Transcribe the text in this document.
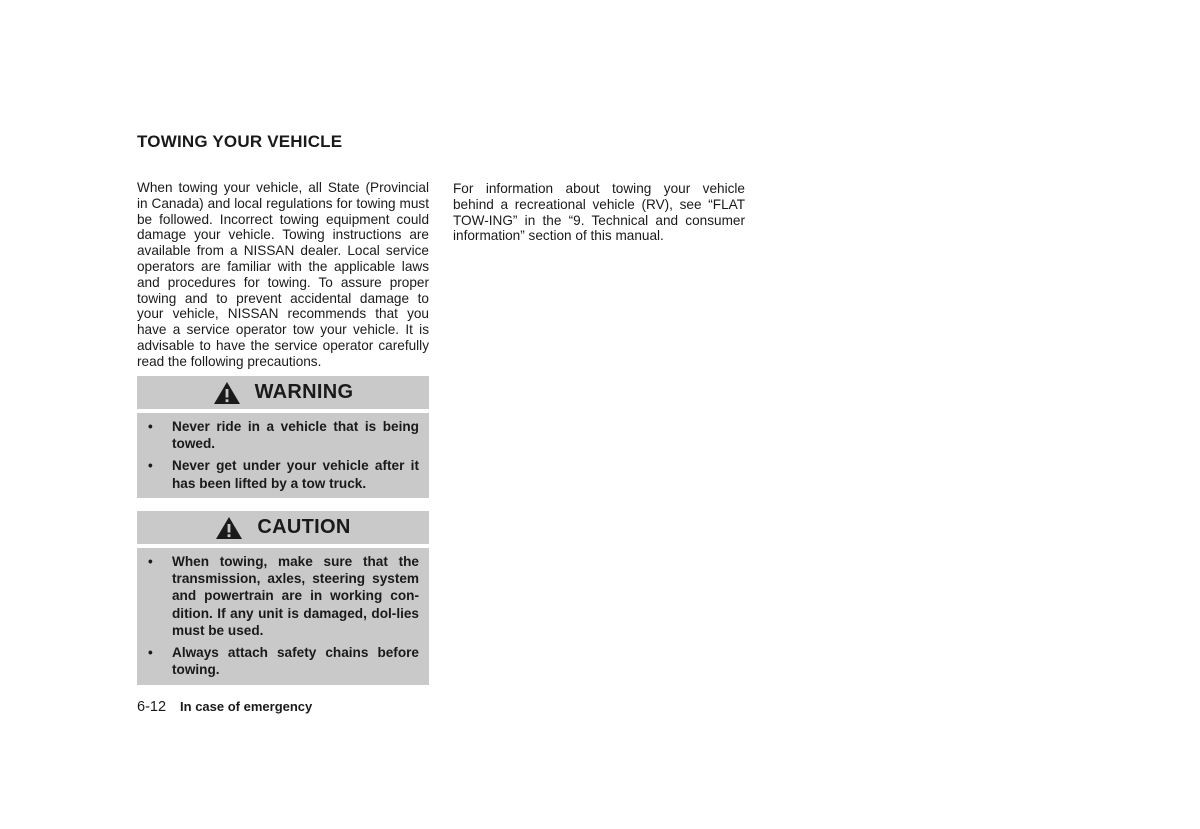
TOWING YOUR VEHICLE

When towing your vehicle, all State (Provincial in Canada) and local regulations for towing must be followed. Incorrect towing equipment could damage your vehicle. Towing instructions are available from a NISSAN dealer. Local service operators are familiar with the applicable laws and procedures for towing. To assure proper towing and to prevent accidental damage to your vehicle, NISSAN recommends that you have a service operator tow your vehicle. It is advisable to have the service operator carefully read the following precautions.

For information about towing your vehicle behind a recreational vehicle (RV), see “FLAT TOW-ING” in the “9. Technical and consumer information” section of this manual.

WARNING
•	Never ride in a vehicle that is being towed.
•	Never get under your vehicle after it has been lifted by a tow truck.
CAUTION
•	When towing, make sure that the transmission, axles, steering system and powertrain are in working con-dition. If any unit is damaged, dol-lies must be used.
•	Always attach safety chains before towing.
6-12 In case of emergency
